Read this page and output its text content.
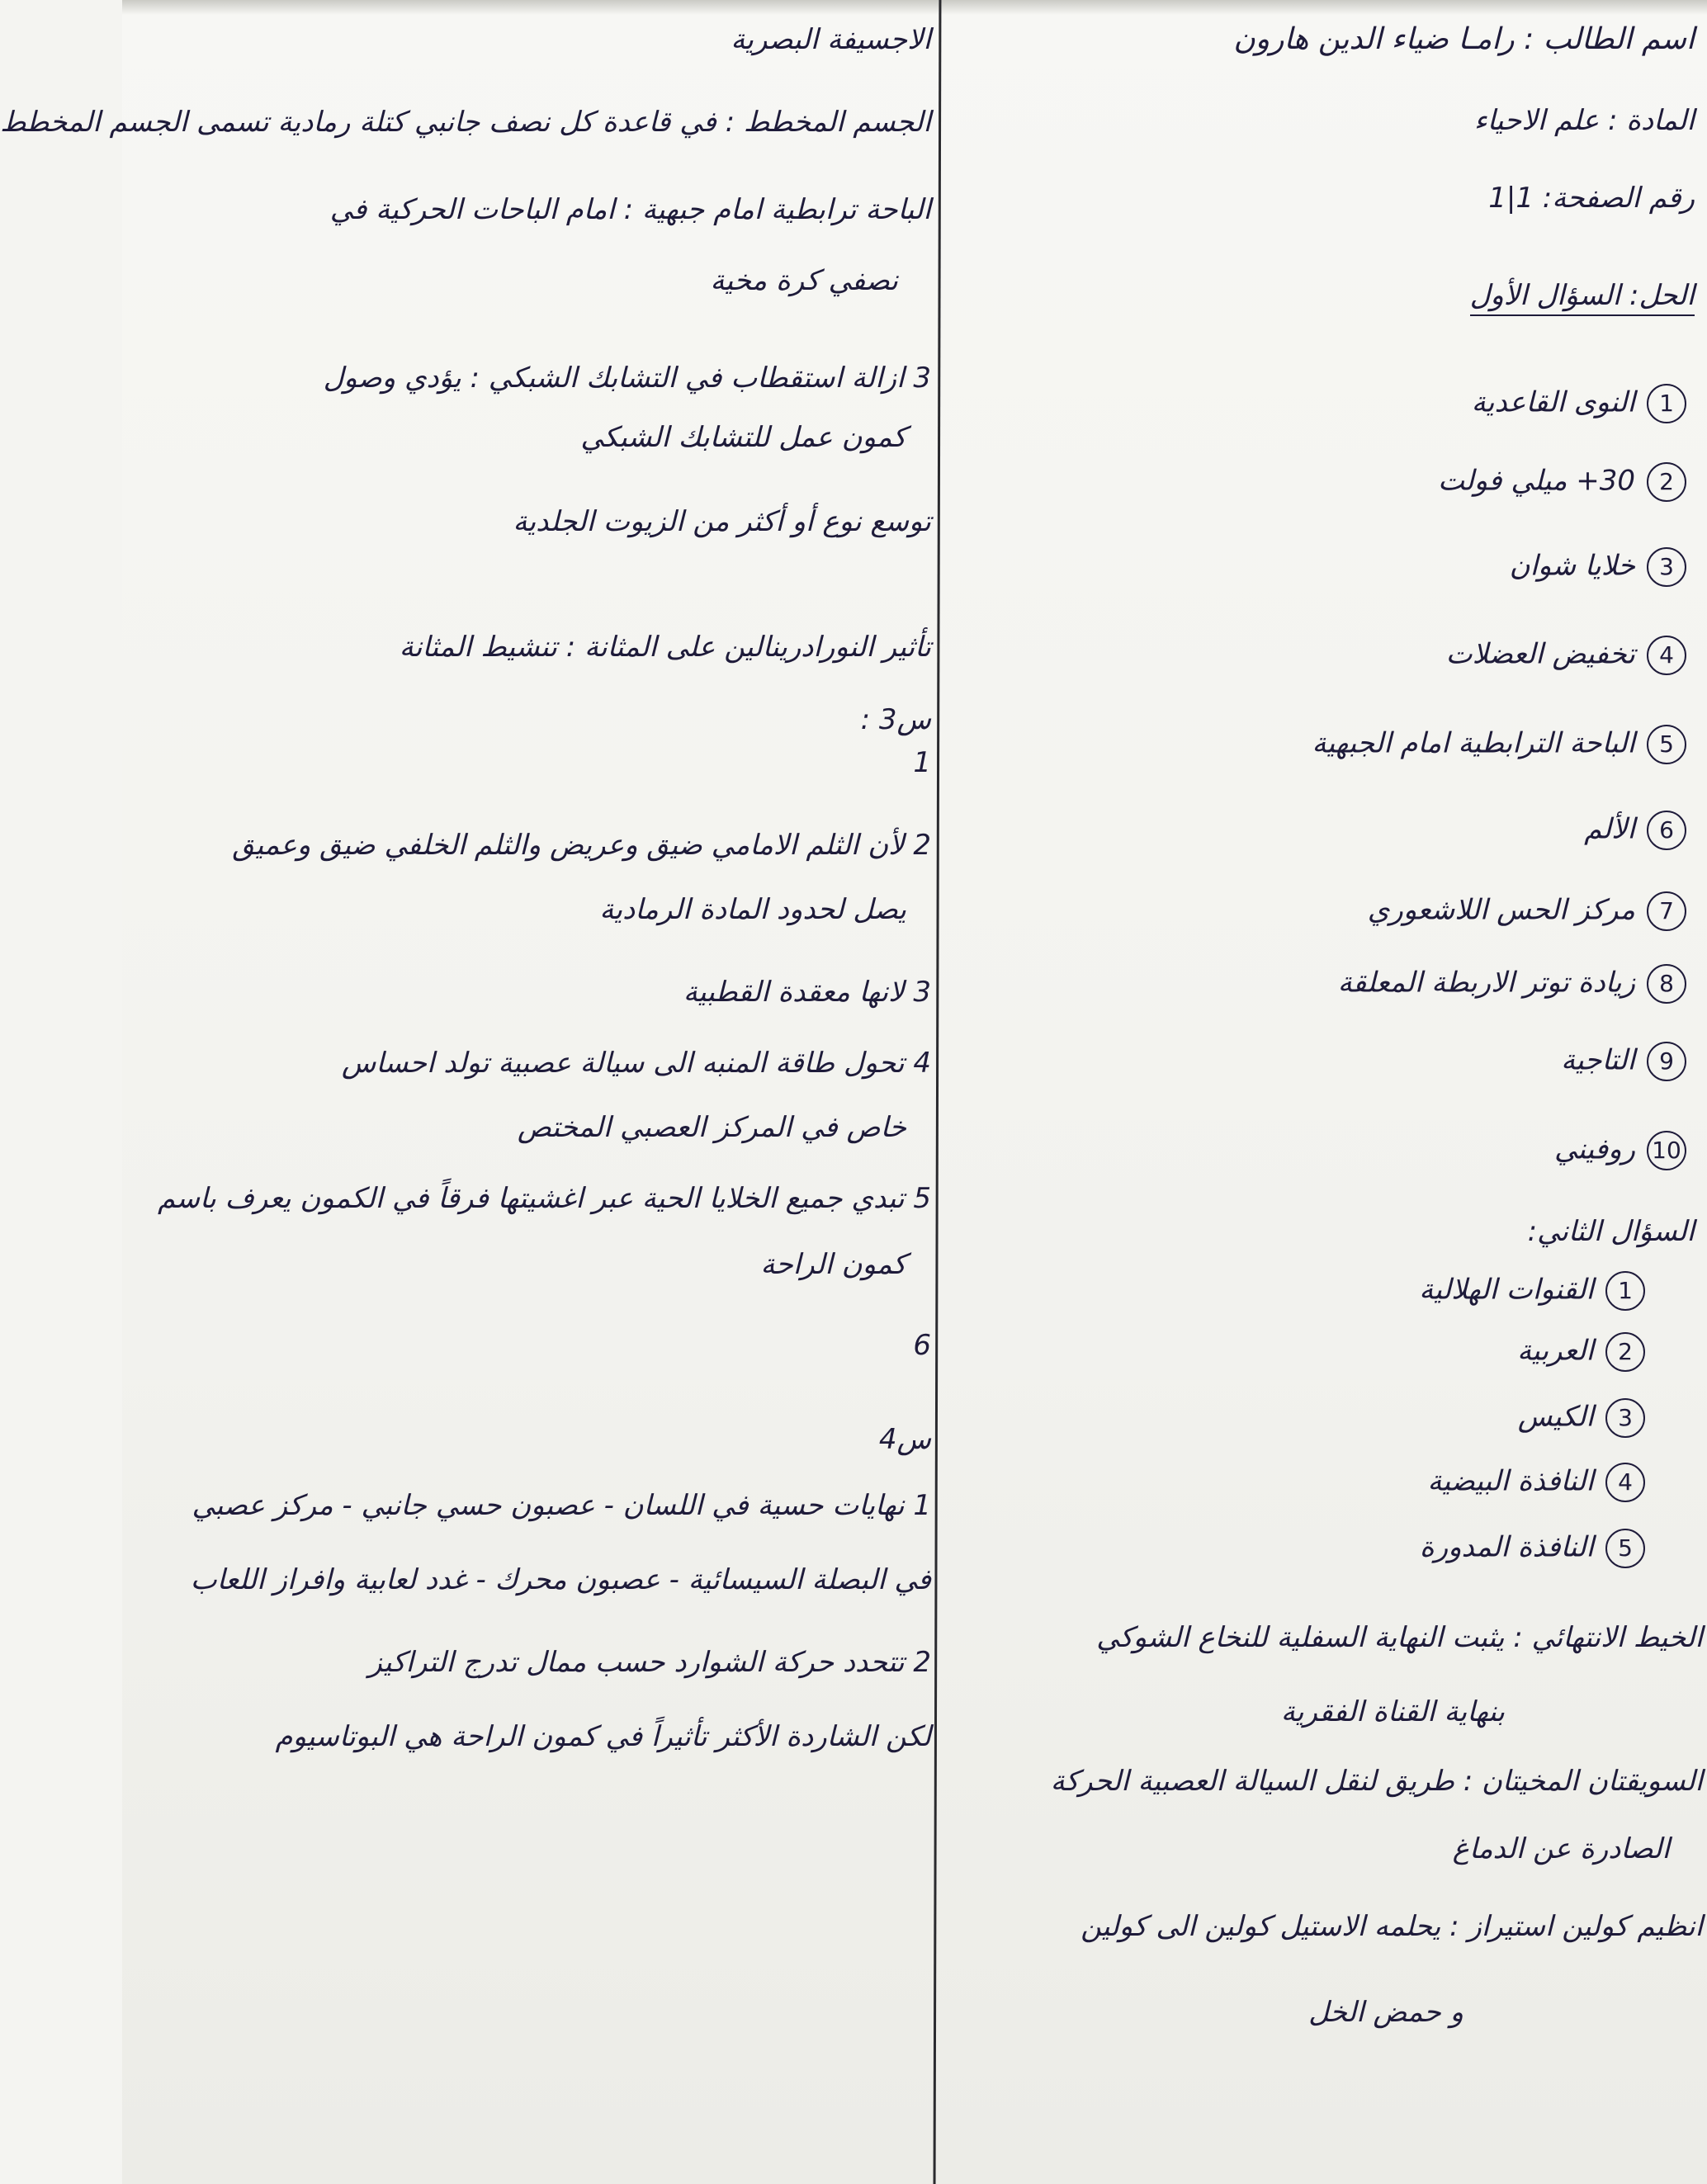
اسم الطالب : رامـا ضياء الدين هارون
المادة : علم الاحياء
رقم الصفحة: 1|1
الحل: السؤال الأول
1النوى القاعدية
230+ ميلي فولت
3خلايا شوان
4تخفيض العضلات
5الباحة الترابطية امام الجبهية
6الألم
7مركز الحس اللاشعوري
8زيادة توتر الاربطة المعلقة
9التاجية
10روفيني
السؤال الثاني:
1القنوات الهلالية
2العربية
3الكيس
4النافذة البيضية
5النافذة المدورة
الخيط الانتهائي : يثبت النهاية السفلية للنخاع الشوكي
بنهاية القناة الفقرية
السويقتان المخيتان : طريق لنقل السيالة العصبية الحركة
الصادرة عن الدماغ
انظيم كولين استيراز : يحلمه الاستيل كولين الى كولين
و حمض الخل
الاجسيفة البصرية
الجسم المخطط : في قاعدة كل نصف جانبي كتلة رمادية تسمى الجسم المخطط
الباحة ترابطية امام جبهية : امام الباحات الحركية في
نصفي كرة مخية
3 ازالة استقطاب في التشابك الشبكي : يؤدي وصول
كمون عمل للتشابك الشبكي
توسع نوع أو أكثر من الزيوت الجلدية
تأثير النورادرينالين على المثانة : تنشيط المثانة
س3 :
1
2 لأن الثلم الامامي ضيق وعريض والثلم الخلفي ضيق وعميق
يصل لحدود المادة الرمادية
3 لانها معقدة القطبية
4 تحول طاقة المنبه الى سيالة عصبية تولد احساس
خاص في المركز العصبي المختص
5 تبدي جميع الخلايا الحية عبر اغشيتها فرقاً في الكمون يعرف باسم
كمون الراحة
6
س4
1 نهايات حسية في اللسان - عصبون حسي جانبي - مركز عصبي
في البصلة السيسائية - عصبون محرك - غدد لعابية وافراز اللعاب
2 تتحدد حركة الشوارد حسب ممال تدرج التراكيز
لكن الشاردة الأكثر تأثيراً في كمون الراحة هي البوتاسيوم
